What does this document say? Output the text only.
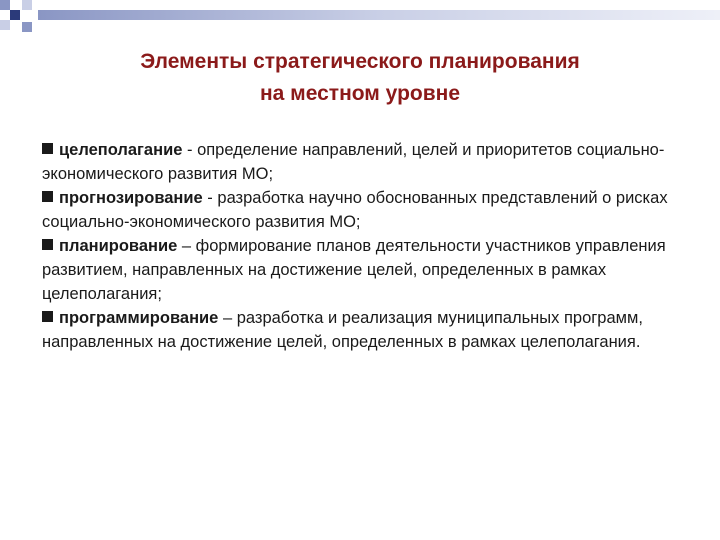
Элементы стратегического планирования
на местном уровне
целеполагание - определение направлений, целей и приоритетов социально-экономического развития МО;
прогнозирование - разработка научно обоснованных представлений о рисках социально-экономического развития МО;
планирование – формирование планов деятельности участников управления развитием, направленных на достижение целей, определенных в рамках целеполагания;
программирование – разработка и реализация муниципальных программ, направленных на достижение целей, определенных в рамках целеполагания.
